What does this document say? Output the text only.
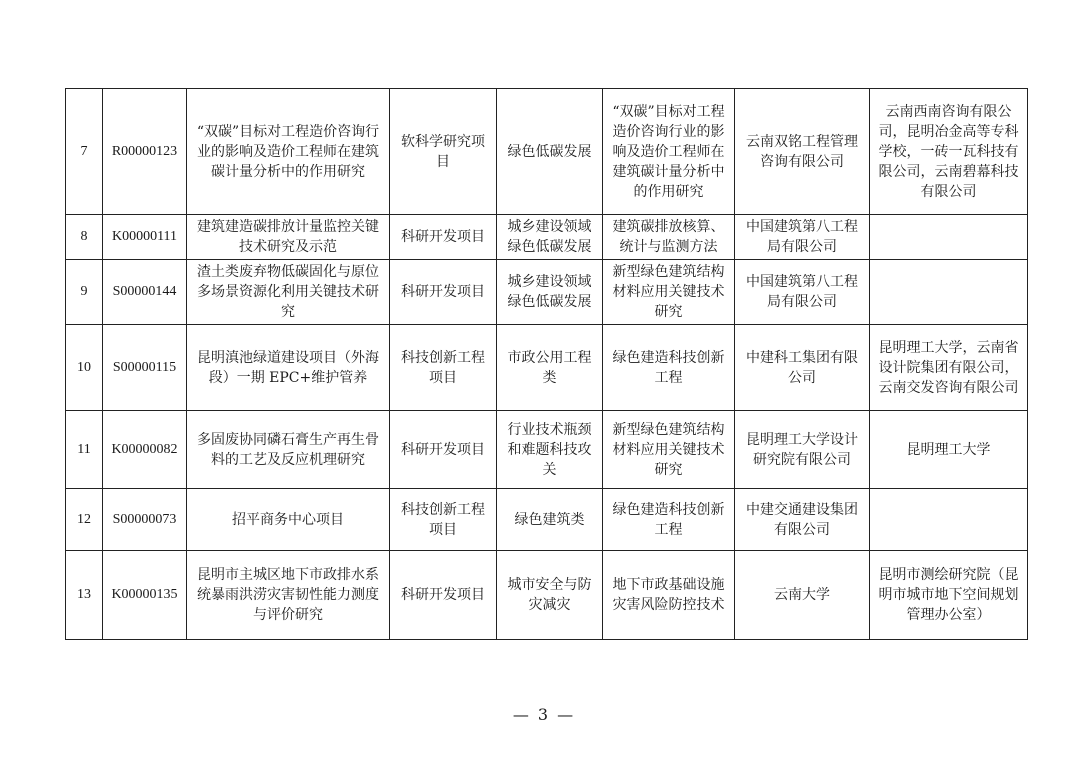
7	R00000123	“双碳”目标对工程造价咨询行业的影响及造价工程师在建筑碳计量分析中的作用研究	软科学研究项目	绿色低碳发展	“双碳”目标对工程造价咨询行业的影响及造价工程师在建筑碳计量分析中的作用研究	云南双铭工程管理咨询有限公司	云南西南咨询有限公司，昆明冶金高等专科学校，一砖一瓦科技有限公司，云南碧幕科技有限公司
8	K00000111	建筑建造碳排放计量监控关键技术研究及示范	科研开发项目	城乡建设领域绿色低碳发展	建筑碳排放核算、统计与监测方法	中国建筑第八工程局有限公司	
9	S00000144	渣土类废弃物低碳固化与原位多场景资源化利用关键技术研究	科研开发项目	城乡建设领域绿色低碳发展	新型绿色建筑结构材料应用关键技术研究	中国建筑第八工程局有限公司	
10	S00000115	昆明滇池绿道建设项目（外海段）一期 EPC+维护管养	科技创新工程项目	市政公用工程类	绿色建造科技创新工程	中建科工集团有限公司	昆明理工大学，云南省设计院集团有限公司，云南交发咨询有限公司
11	K00000082	多固废协同磷石膏生产再生骨料的工艺及反应机理研究	科研开发项目	行业技术瓶颈和难题科技攻关	新型绿色建筑结构材料应用关键技术研究	昆明理工大学设计研究院有限公司	昆明理工大学
12	S00000073	招平商务中心项目	科技创新工程项目	绿色建筑类	绿色建造科技创新工程	中建交通建设集团有限公司	
13	K00000135	昆明市主城区地下市政排水系统暴雨洪涝灾害韧性能力测度与评价研究	科研开发项目	城市安全与防灾减灾	地下市政基础设施灾害风险防控技术	云南大学	昆明市测绘研究院（昆明市城市地下空间规划管理办公室）
— 3 —
